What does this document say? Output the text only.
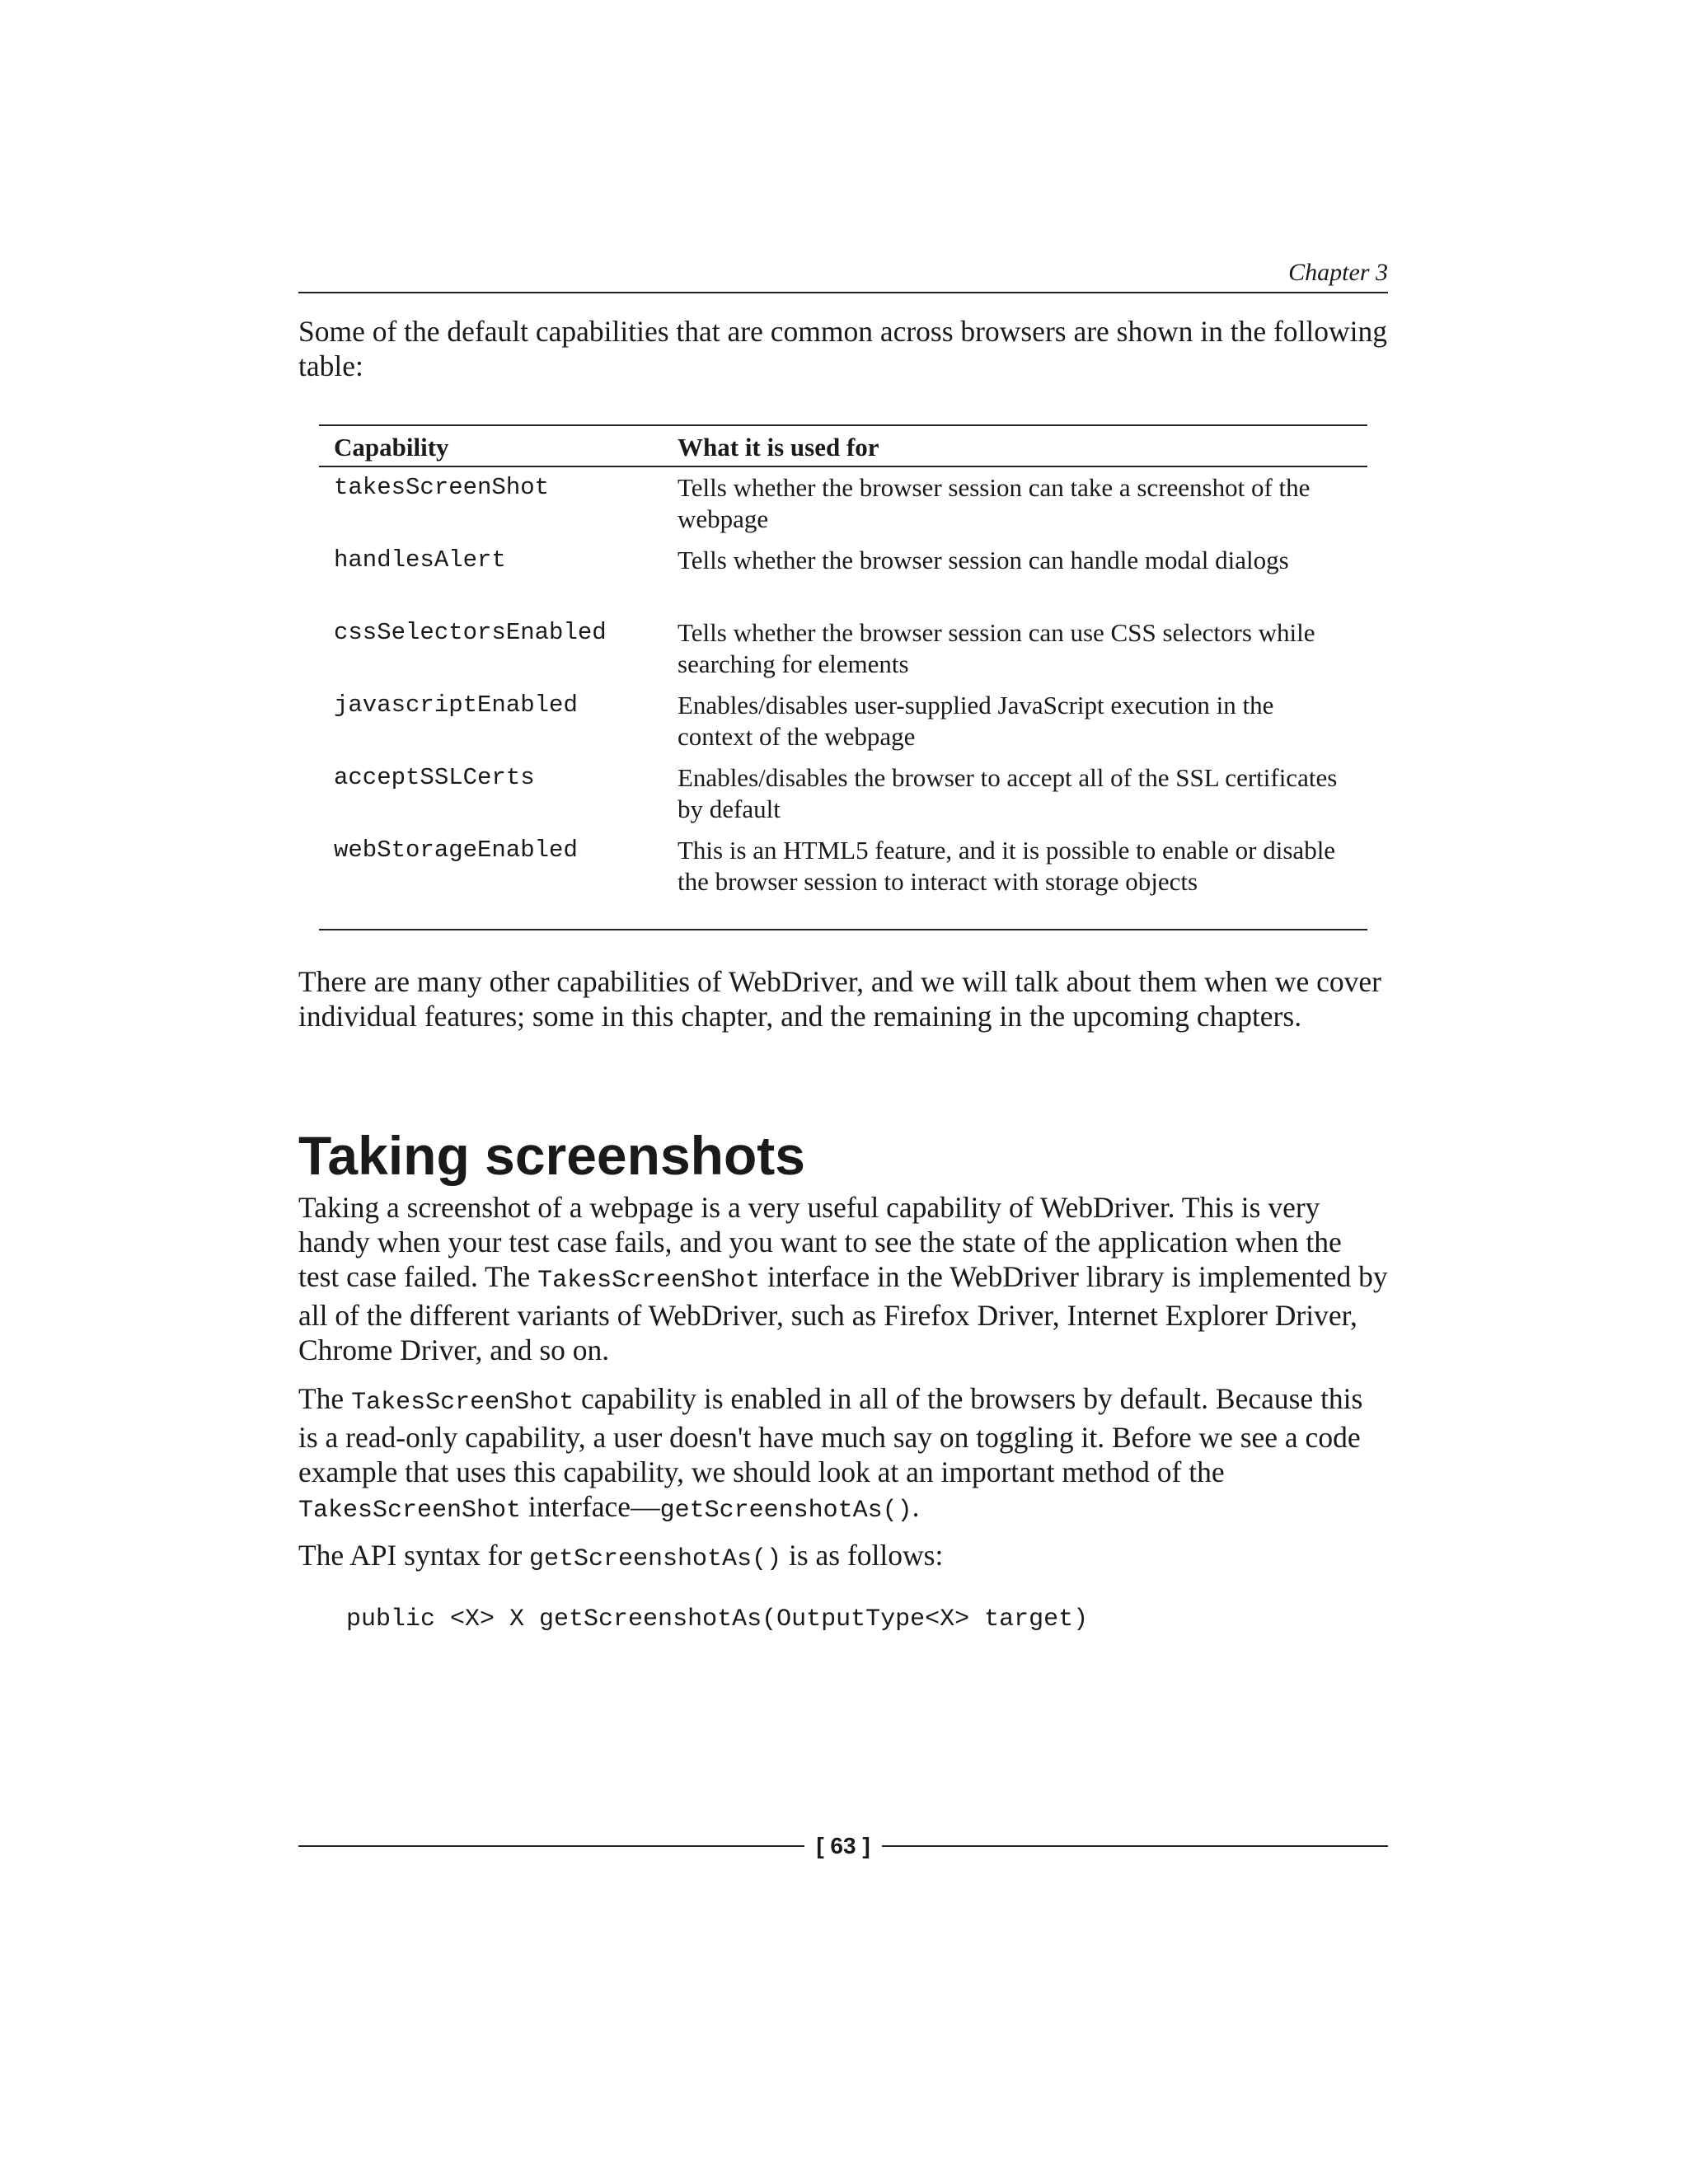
Chapter 3

Some of the default capabilities that are common across browsers are shown in the following table:

Capability	What it is used for
takesScreenShot	Tells whether the browser session can take a screenshot of the webpage
handlesAlert	Tells whether the browser session can handle modal dialogs
cssSelectorsEnabled	Tells whether the browser session can use CSS selectors while searching for elements
javascriptEnabled	Enables/disables user-supplied JavaScript execution in the context of the webpage
acceptSSLCerts	Enables/disables the browser to accept all of the SSL certificates by default
webStorageEnabled	This is an HTML5 feature, and it is possible to enable or disable the browser session to interact with storage objects

There are many other capabilities of WebDriver, and we will talk about them when we cover individual features; some in this chapter, and the remaining in the upcoming chapters.

Taking screenshots

Taking a screenshot of a webpage is a very useful capability of WebDriver. This is very handy when your test case fails, and you want to see the state of the application when the test case failed. The TakesScreenShot interface in the WebDriver library is implemented by all of the different variants of WebDriver, such as Firefox Driver, Internet Explorer Driver, Chrome Driver, and so on.

The TakesScreenShot capability is enabled in all of the browsers by default. Because this is a read-only capability, a user doesn't have much say on toggling it. Before we see a code example that uses this capability, we should look at an important method of the TakesScreenShot interface—getScreenshotAs().

The API syntax for getScreenshotAs() is as follows:

public <X> X getScreenshotAs(OutputType<X> target)
[ 63 ]
